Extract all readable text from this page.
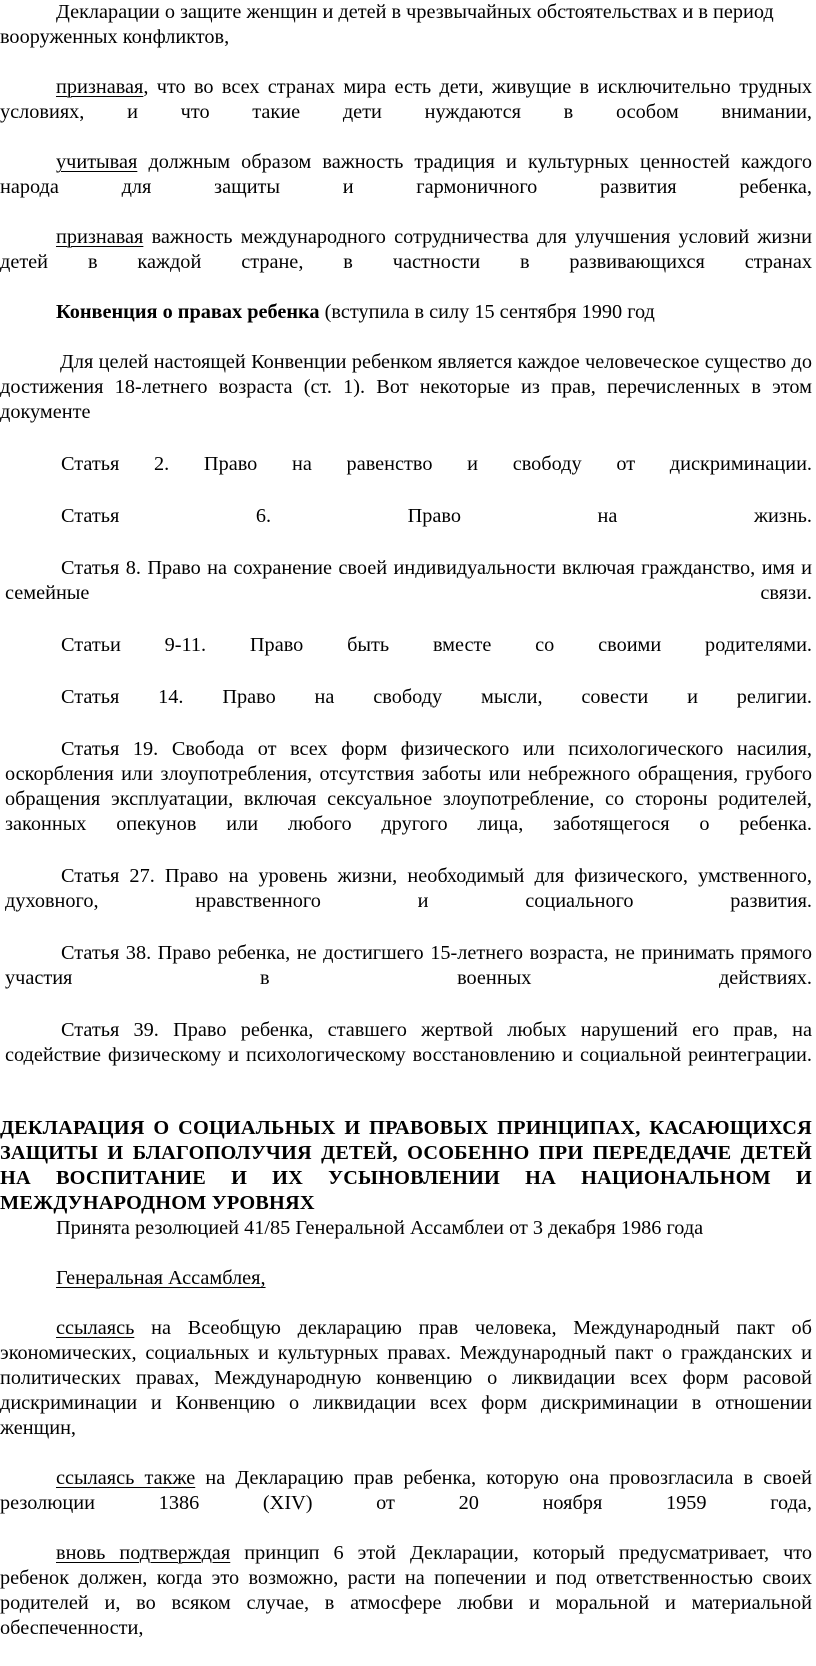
Декларации о защите женщин и детей в чрезвычайных обстоятельствах и в период вооруженных конфликтов,

признавая, что во всех странах мира есть дети, живущие в исключительно трудных условиях, и что такие дети нуждаются в особом внимании,

учитывая должным образом важность традиция и культурных ценностей каждого народа для защиты и гармоничного развития ребенка,

признавая важность международного сотрудничества для улучшения условий жизни детей в каждой стране, в частности в развивающихся странах

Конвенция о правах ребенка (вступила в силу 15 сентября 1990 год

Для целей настоящей Конвенции ребенком является каждое человеческое существо до достижения 18-летнего возраста (ст. 1). Вот некоторые из прав, перечисленных в этом документе

Статья 2. Право на равенство и свободу от дискриминации.

Статья 6. Право на жизнь.

Статья 8. Право на сохранение своей индивидуальности включая гражданство, имя и семейные связи.

Статьи 9-11. Право быть вместе со своими родителями.

Статья 14. Право на свободу мысли, совести и религии.

Статья 19. Свобода от всех форм физического или психологического насилия, оскорбления или злоупотребления, отсутствия заботы или небрежного обращения, грубого обращения эксплуатации, включая сексуальное злоупотребление, со стороны родителей, законных опекунов или любого другого лица, заботящегося о ребенка.

Статья 27. Право на уровень жизни, необходимый для физического, умственного, духовного, нравственного и социального развития.

Статья 38. Право ребенка, не достигшего 15-летнего возраста, не принимать прямого участия в военных действиях.

Статья 39. Право ребенка, ставшего жертвой любых нарушений его прав, на содействие физическому и психологическому восстановлению и социальной реинтеграции.

ДЕКЛАРАЦИЯ О СОЦИАЛЬНЫХ И ПРАВОВЫХ ПРИНЦИПАХ, КАСАЮЩИХСЯ ЗАЩИТЫ И БЛАГОПОЛУЧИЯ ДЕТЕЙ, ОСОБЕННО ПРИ ПЕРЕДЕДАЧЕ ДЕТЕЙ НА ВОСПИТАНИЕ И ИХ УСЫНОВЛЕНИИ НА НАЦИОНАЛЬНОМ И МЕЖДУНАРОДНОМ УРОВНЯХ

Принята резолюцией 41/85 Генеральной Ассамблеи от 3 декабря 1986 года

Генеральная Ассамблея,

ссылаясь на Всеобщую декларацию прав человека, Международный пакт об экономических, социальных и культурных правах. Международный пакт о гражданских и политических правах, Международную конвенцию о ликвидации всех форм расовой дискриминации и Конвенцию о ликвидации всех форм дискриминации в отношении женщин,

ссылаясь также на Декларацию прав ребенка, которую она провозгласила в своей резолюции 1386 (XIV) от 20 ноября 1959 года,

вновь подтверждая принцип 6 этой Декларации, который предусматривает, что ребенок должен, когда это возможно, расти на попечении и под ответственностью своих родителей и, во всяком случае, в атмосфере любви и моральной и материальной обеспеченности,
